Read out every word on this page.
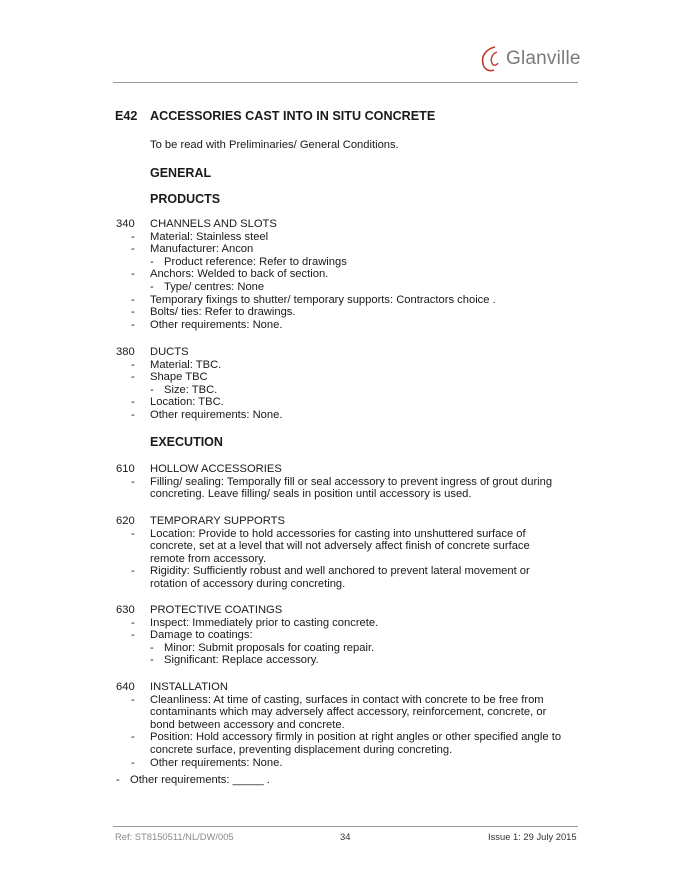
Glanville
E42 ACCESSORIES CAST INTO IN SITU CONCRETE
To be read with Preliminaries/ General Conditions.
GENERAL
PRODUCTS
340 CHANNELS AND SLOTS
- Material: Stainless steel
- Manufacturer: Ancon
- Product reference: Refer to drawings
- Anchors: Welded to back of section.
- Type/ centres: None
- Temporary fixings to shutter/ temporary supports: Contractors choice .
- Bolts/ ties: Refer to drawings.
- Other requirements: None.
380 DUCTS
- Material: TBC.
- Shape TBC
- Size: TBC.
- Location: TBC.
- Other requirements: None.
EXECUTION
610 HOLLOW ACCESSORIES
- Filling/ sealing: Temporally fill or seal accessory to prevent ingress of grout during concreting. Leave filling/ seals in position until accessory is used.
620 TEMPORARY SUPPORTS
- Location: Provide to hold accessories for casting into unshuttered surface of concrete, set at a level that will not adversely affect finish of concrete surface remote from accessory.
- Rigidity: Sufficiently robust and well anchored to prevent lateral movement or rotation of accessory during concreting.
630 PROTECTIVE COATINGS
- Inspect: Immediately prior to casting concrete.
- Damage to coatings:
- Minor: Submit proposals for coating repair.
- Significant: Replace accessory.
640 INSTALLATION
- Cleanliness: At time of casting, surfaces in contact with concrete to be free from contaminants which may adversely affect accessory, reinforcement, concrete, or bond between accessory and concrete.
- Position: Hold accessory firmly in position at right angles or other specified angle to concrete surface, preventing displacement during concreting.
- Other requirements: None.
- Other requirements: _____ .
Ref: ST8150511/NL/DW/005	34	Issue 1: 29 July 2015
